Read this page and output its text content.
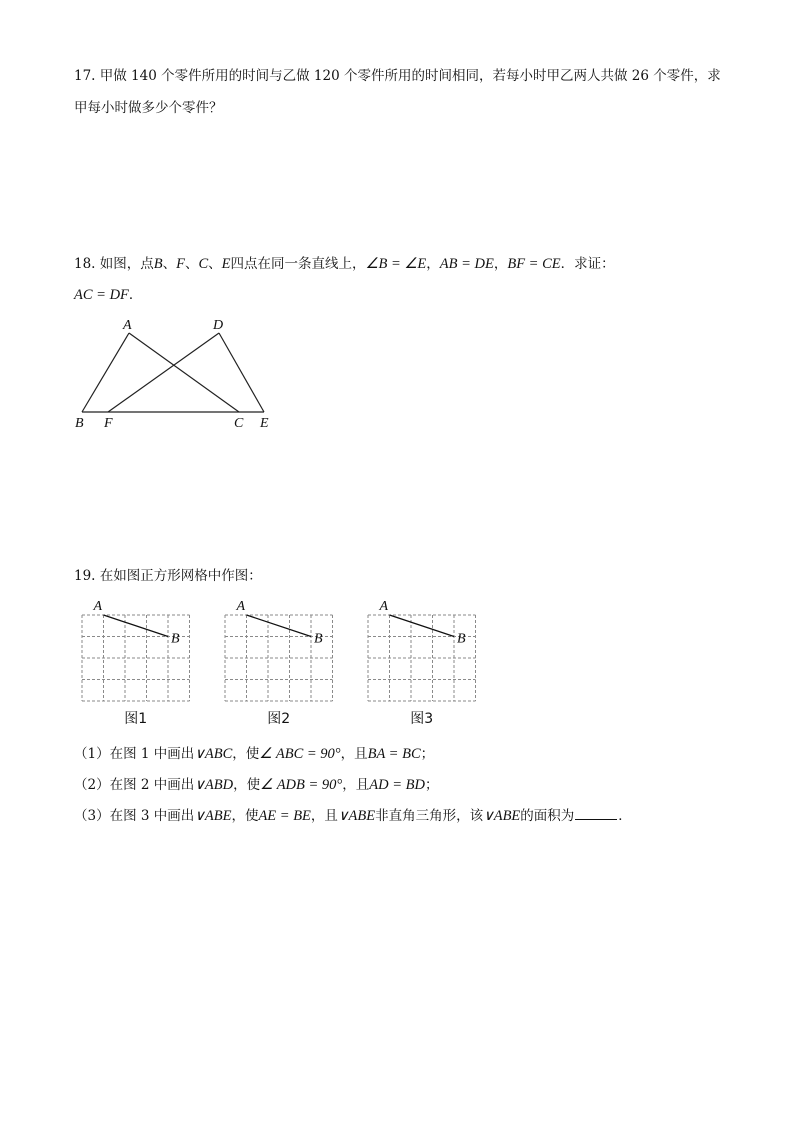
17. 甲做 140 个零件所用的时间与乙做 120 个零件所用的时间相同，若每小时甲乙两人共做 26 个零件，求
甲每小时做多少个零件？
18. 如图，点B、F、C、E四点在同一条直线上，∠B = ∠E，AB = DE，BF = CE．求证：
AC = DF．
A	D
B F	C E
19. 在如图正方形网格中作图：
A
B
图1
A
B
图2
A
B
图3
（1）在图 1 中画出∨ABC，使∠ ABC = 90°，且BA = BC；
（2）在图 2 中画出∨ABD，使∠ ADB = 90°，且AD = BD；
（3）在图 3 中画出∨ABE，使AE = BE，且∨ABE非直角三角形，该∨ABE的面积为	．
